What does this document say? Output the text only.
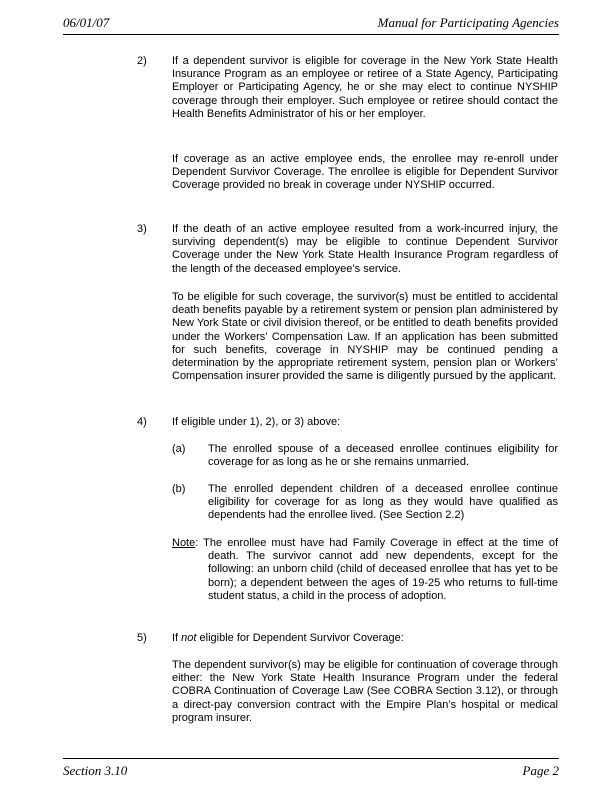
06/01/07	Manual for Participating Agencies
2) If a dependent survivor is eligible for coverage in the New York State Health Insurance Program as an employee or retiree of a State Agency, Participating Employer or Participating Agency, he or she may elect to continue NYSHIP coverage through their employer. Such employee or retiree should contact the Health Benefits Administrator of his or her employer.

If coverage as an active employee ends, the enrollee may re-enroll under Dependent Survivor Coverage. The enrollee is eligible for Dependent Survivor Coverage provided no break in coverage under NYSHIP occurred.

3) If the death of an active employee resulted from a work-incurred injury, the surviving dependent(s) may be eligible to continue Dependent Survivor Coverage under the New York State Health Insurance Program regardless of the length of the deceased employee’s service.

To be eligible for such coverage, the survivor(s) must be entitled to accidental death benefits payable by a retirement system or pension plan administered by New York State or civil division thereof, or be entitled to death benefits provided under the Workers’ Compensation Law. If an application has been submitted for such benefits, coverage in NYSHIP may be continued pending a determination by the appropriate retirement system, pension plan or Workers’ Compensation insurer provided the same is diligently pursued by the applicant.

4) If eligible under 1), 2), or 3) above:

(a) The enrolled spouse of a deceased enrollee continues eligibility for coverage for as long as he or she remains unmarried.

(b) The enrolled dependent children of a deceased enrollee continue eligibility for coverage for as long as they would have qualified as dependents had the enrollee lived. (See Section 2.2)

Note: The enrollee must have had Family Coverage in effect at the time of death. The survivor cannot add new dependents, except for the following: an unborn child (child of deceased enrollee that has yet to be born); a dependent between the ages of 19-25 who returns to full-time student status, a child in the process of adoption.
5) If not eligible for Dependent Survivor Coverage:

The dependent survivor(s) may be eligible for continuation of coverage through either: the New York State Health Insurance Program under the federal COBRA Continuation of Coverage Law (See COBRA Section 3.12), or through a direct-pay conversion contract with the Empire Plan’s hospital or medical program insurer.

Section 3.10	Page 2
